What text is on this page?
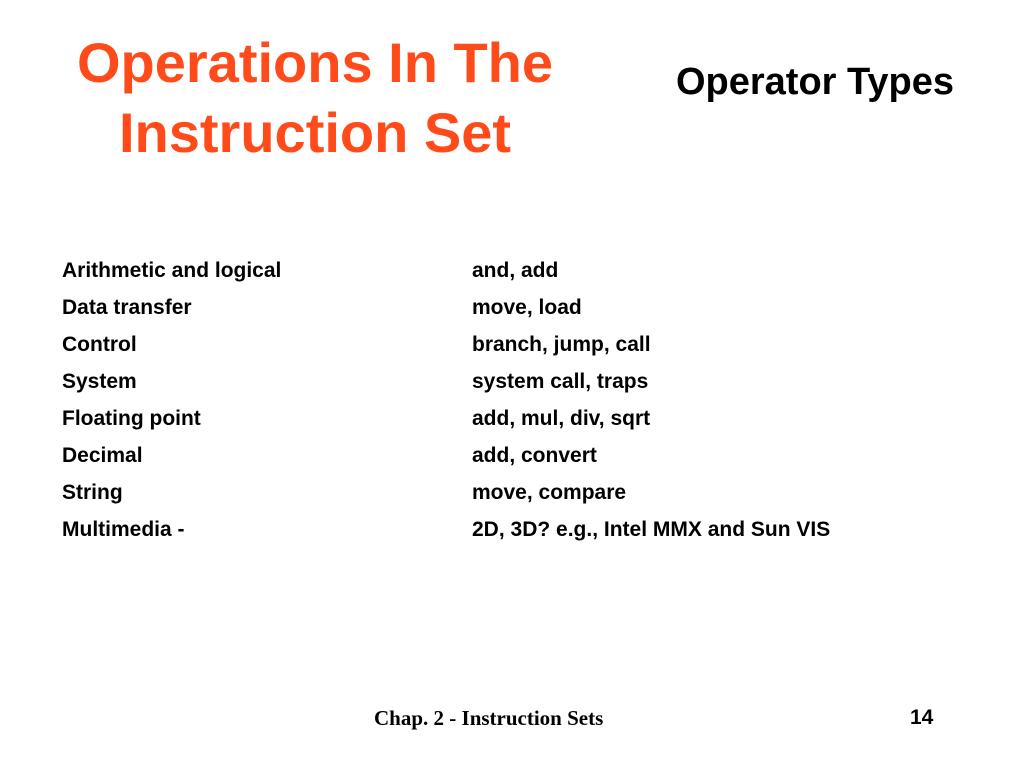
Operations In The
Instruction Set
Operator Types
Arithmetic and logical	and, add
Data transfer	move, load
Control	branch, jump, call
System	system call, traps
Floating point	add, mul, div, sqrt
Decimal	add, convert
String	move, compare
Multimedia -	2D, 3D? e.g., Intel MMX and Sun VIS
Chap. 2 - Instruction Sets	14
